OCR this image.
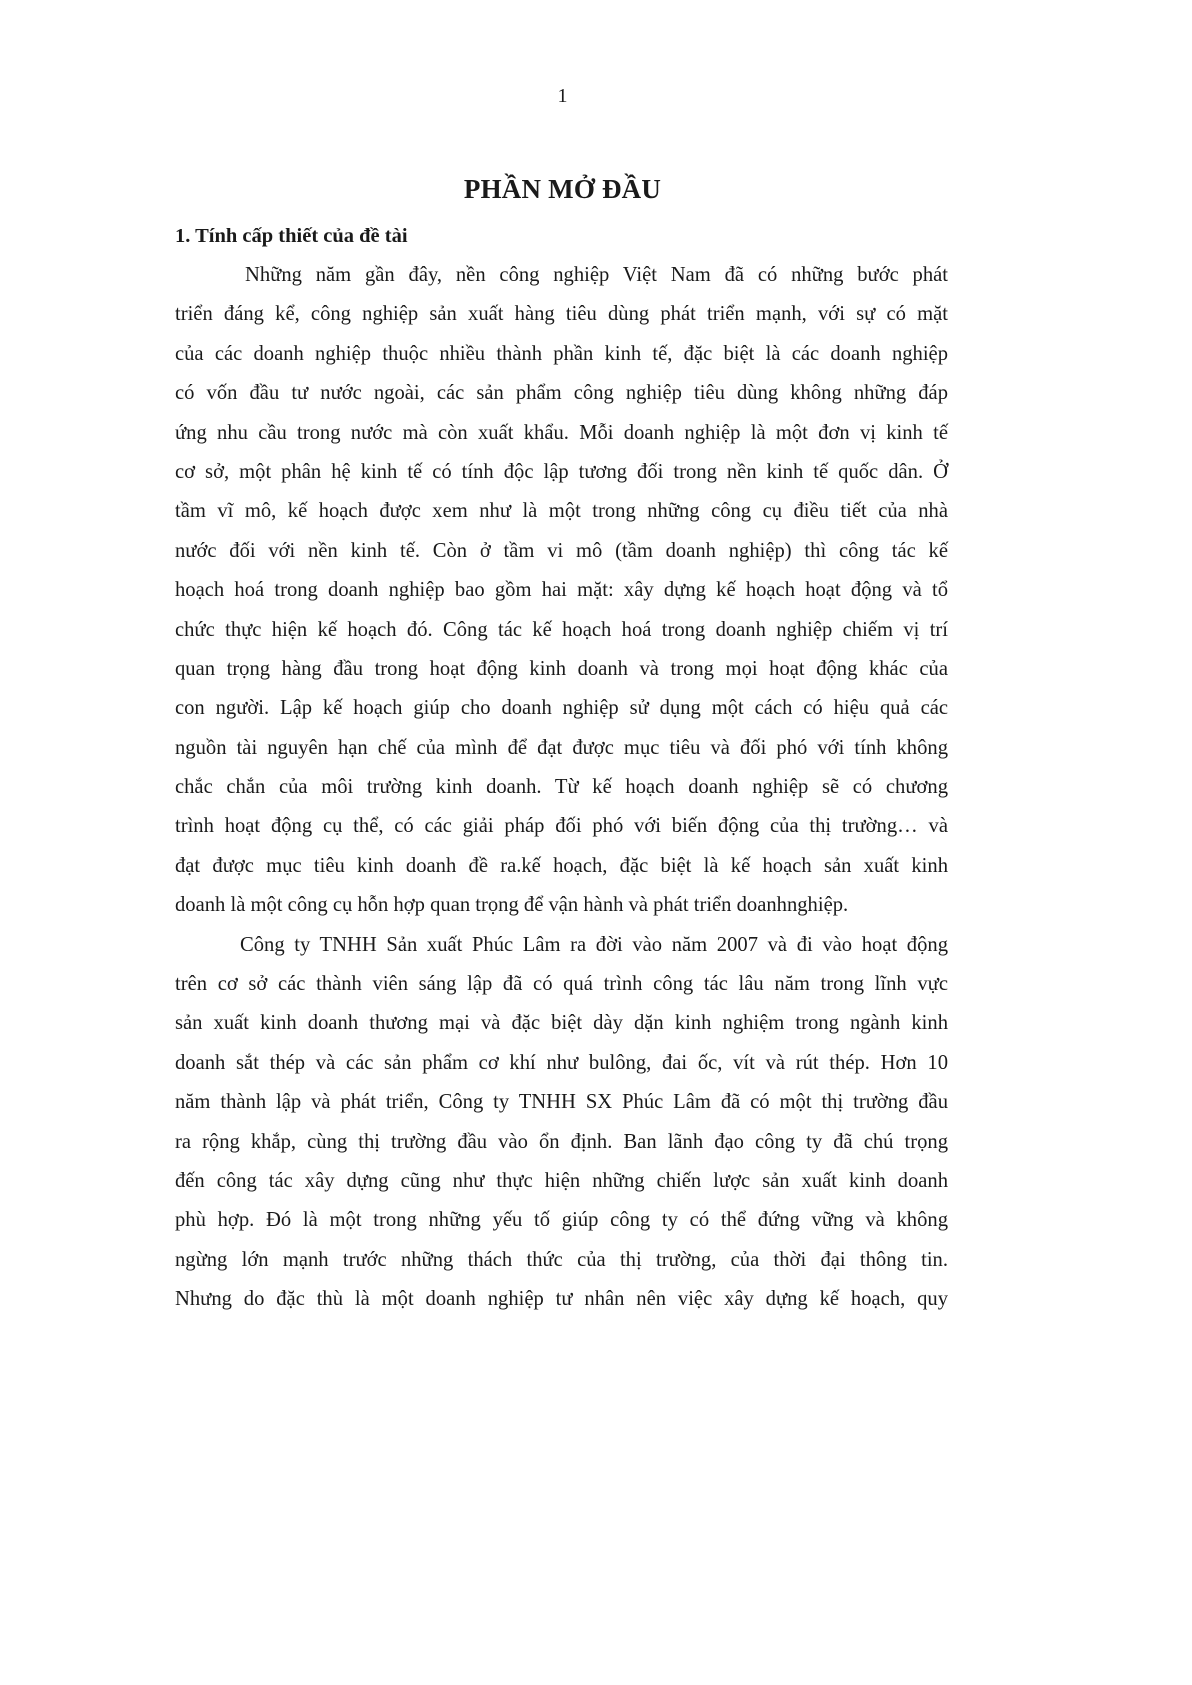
1
PHẦN MỞ ĐẦU
1. Tính cấp thiết của đề tài
Những năm gần đây, nền công nghiệp Việt Nam đã có những bước phát
triển đáng kể, công nghiệp sản xuất hàng tiêu dùng phát triển mạnh, với sự có mặt
của các doanh nghiệp thuộc nhiều thành phần kinh tế, đặc biệt là các doanh nghiệp
có vốn đầu tư nước ngoài, các sản phẩm công nghiệp tiêu dùng không những đáp
ứng nhu cầu trong nước mà còn xuất khẩu. Mỗi doanh nghiệp là một đơn vị kinh tế
cơ sở, một phân hệ kinh tế có tính độc lập tương đối trong nền kinh tế quốc dân. Ở
tầm vĩ mô, kế hoạch được xem như là một trong những công cụ điều tiết của nhà
nước đối với nền kinh tế. Còn ở tầm vi mô (tầm doanh nghiệp) thì công tác kế
hoạch hoá trong doanh nghiệp bao gồm hai mặt: xây dựng kế hoạch hoạt động và tổ
chức thực hiện kế hoạch đó. Công tác kế hoạch hoá trong doanh nghiệp chiếm vị trí
quan trọng hàng đầu trong hoạt động kinh doanh và trong mọi hoạt động khác của
con người. Lập kế hoạch giúp cho doanh nghiệp sử dụng một cách có hiệu quả các
nguồn tài nguyên hạn chế của mình để đạt được mục tiêu và đối phó với tính không
chắc chắn của môi trường kinh doanh. Từ kế hoạch doanh nghiệp sẽ có chương
trình hoạt động cụ thể, có các giải pháp đối phó với biến động của thị trường… và
đạt được mục tiêu kinh doanh đề ra.kế hoạch, đặc biệt là kế hoạch sản xuất kinh
doanh là một công cụ hỗn hợp quan trọng để vận hành và phát triển doanhnghiệp.
Công ty TNHH Sản xuất Phúc Lâm ra đời vào năm 2007 và đi vào hoạt động
trên cơ sở các thành viên sáng lập đã có quá trình công tác lâu năm trong lĩnh vực
sản xuất kinh doanh thương mại và đặc biệt dày dặn kinh nghiệm trong ngành kinh
doanh sắt thép và các sản phẩm cơ khí như bulông, đai ốc, vít và rút thép. Hơn 10
năm thành lập và phát triển, Công ty TNHH SX Phúc Lâm đã có một thị trường đầu
ra rộng khắp, cùng thị trường đầu vào ổn định. Ban lãnh đạo công ty đã chú trọng
đến công tác xây dựng cũng như thực hiện những chiến lược sản xuất kinh doanh
phù hợp. Đó là một trong những yếu tố giúp công ty có thể đứng vững và không
ngừng lớn mạnh trước những thách thức của thị trường, của thời đại thông tin.
Nhưng do đặc thù là một doanh nghiệp tư nhân nên việc xây dựng kế hoạch, quy
